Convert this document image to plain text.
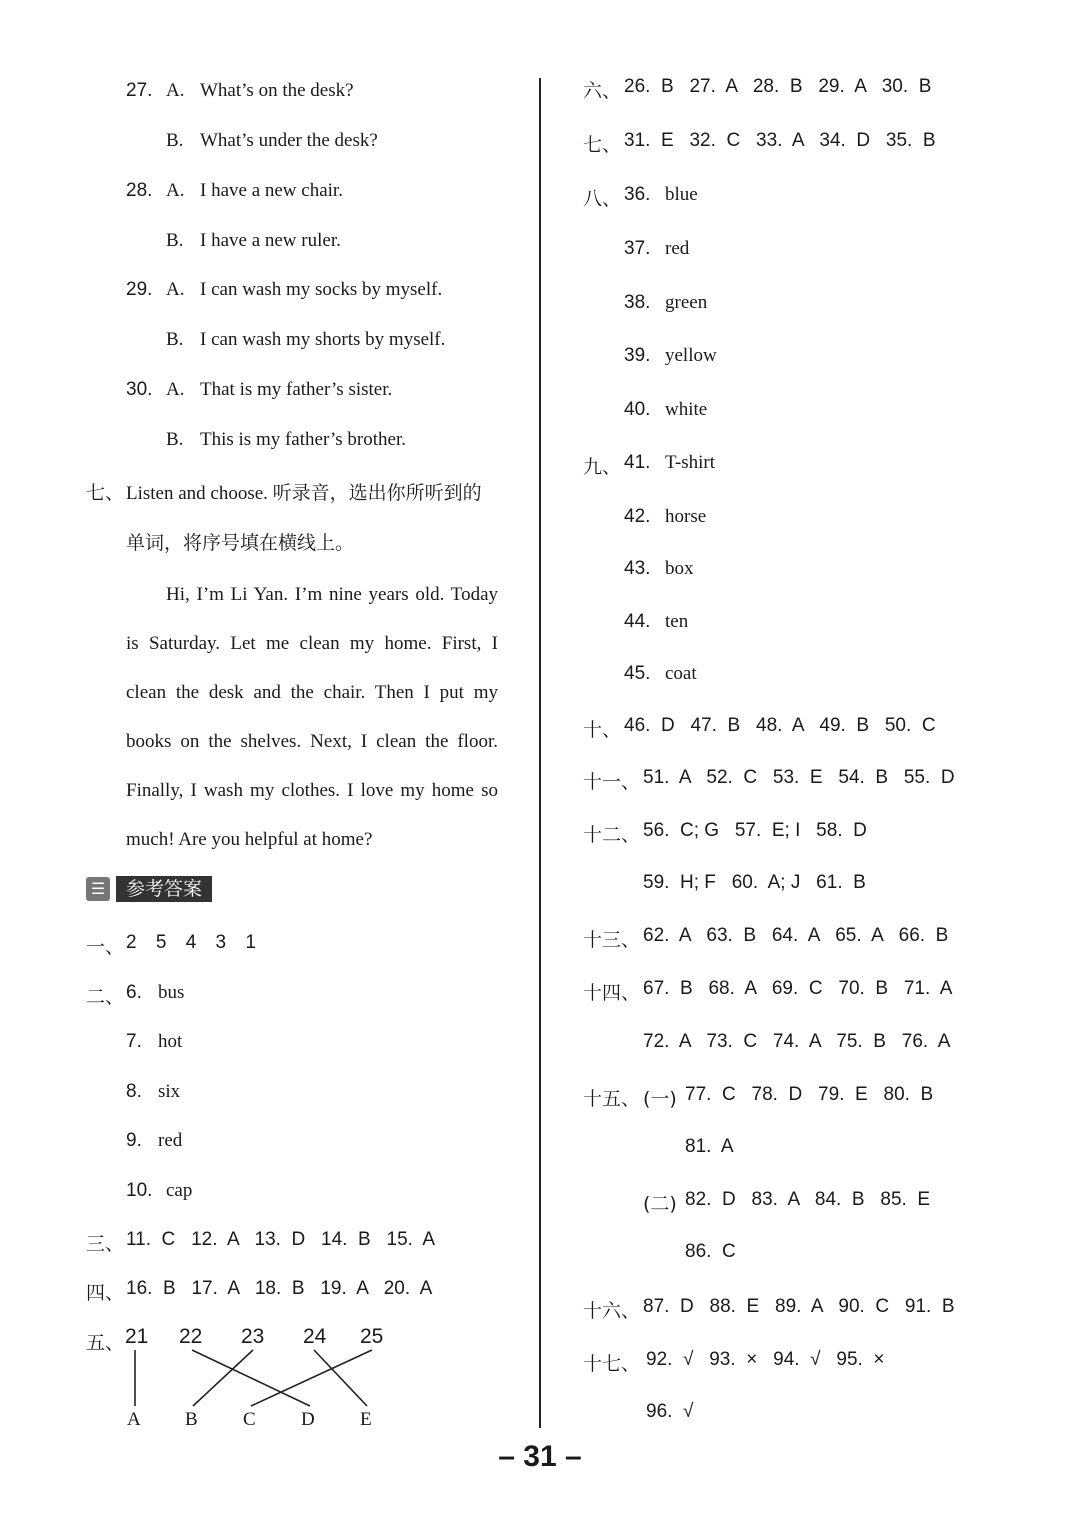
27. A. What’s on the desk?
B. What’s under the desk?
28. A. I have a new chair.
B. I have a new ruler.
29. A. I can wash my socks by myself.
B. I can wash my shorts by myself.
30. A. That is my father’s sister.
B. This is my father’s brother.
七、 Listen and choose. 听录音，选出你所听到的
单词，将序号填在横线上。
Hi, I’m Li Yan. I’m nine years old. Today is Saturday. Let me clean my home. First, I clean the desk and the chair. Then I put my books on the shelves. Next, I clean the floor. Finally, I wash my clothes. I love my home so much! Are you helpful at home?
☰	参考答案
一、 2 5 4 3 1
二、 6. bus
7. hot
8. six
9. red
10. cap
三、 11.  C   12.  A   13.  D   14.  B   15.  A
四、 16.  B   17.  A   18.  B   19.  A   20.  A
五、 21 22 23 24 25
A B C D E
六、 26.  B   27.  A   28.  B   29.  A   30.  B
七、 31.  E   32.  C   33.  A   34.  D   35.  B
八、 36. blue
37. red
38. green
39. yellow
40. white
九、 41. T-shirt
42. horse
43. box
44. ten
45. coat
十、 46.  D   47.  B   48.  A   49.  B   50.  C
十一、 51.  A   52.  C   53.  E   54.  B   55.  D
十二、 56.  C; G   57.  E; I   58.  D
59.  H; F   60.  A; J   61.  B
十三、 62.  A   63.  B   64.  A   65.  A   66.  B
十四、 67.  B   68.  A   69.  C   70.  B   71.  A
72.  A   73.  C   74.  A   75.  B   76.  A
十五、 (一) 77.  C   78.  D   79.  E   80.  B
81.  A
(二) 82.  D   83.  A   84.  B   85.  E
86.  C
十六、 87.  D   88.  E   89.  A   90.  C   91.  B
十七、 92.  √   93.  ×   94.  √   95.  ×
96.  √
– 31 –
